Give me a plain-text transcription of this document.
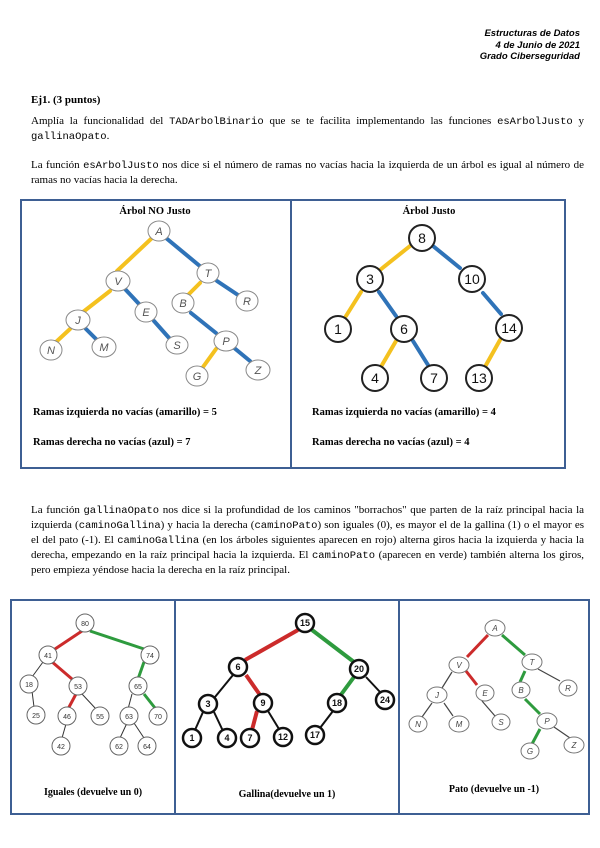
Estructuras de Datos
4 de Junio de 2021
Grado Ciberseguridad
Ej1. (3 puntos)
Amplía la funcionalidad del TADArbolBinario que se te facilita implementando las funciones esArbolJusto y gallinaOpato.
La función esArbolJusto nos dice si el número de ramas no vacías hacia la izquierda de un árbol es igual al número de ramas no vacías hacia la derecha.
Árbol NO Justo	Árbol Justo
A
T
V
B	R
J
E
P
N	M	S
G	Z
8
3	10
1	6	14
4	7 13
Ramas izquierda no vacías (amarillo) = 5
Ramas derecha no vacías (azul) = 7
Ramas izquierda no vacías (amarillo) = 4
Ramas derecha no vacías (azul) = 4
La función gallinaOpato nos dice si la profundidad de los caminos "borrachos" que parten de la raíz principal hacia la izquierda (caminoGallina) y hacia la derecha (caminoPato) son iguales (0), es mayor el de la gallina (1) o el mayor es el del pato (-1). El caminoGallina (en los árboles siguientes aparecen en rojo) alterna giros hacia la izquierda y hacia la derecha, empezando en la raíz principal hacia la izquierda. El caminoPato (aparecen en verde) también alterna los giros, pero empieza yéndose hacia la derecha en la raíz principal.
80
41	74
18	53	65
25	46	55	63	70
42	62	64
15
6	20
3	9	18	24
1	4 7	12 17
A
V	T
J	E	B	R
N	M	S	P
G
Z
Iguales (devuelve un 0)	Gallina(devuelve un 1)	Pato (devuelve un -1)
